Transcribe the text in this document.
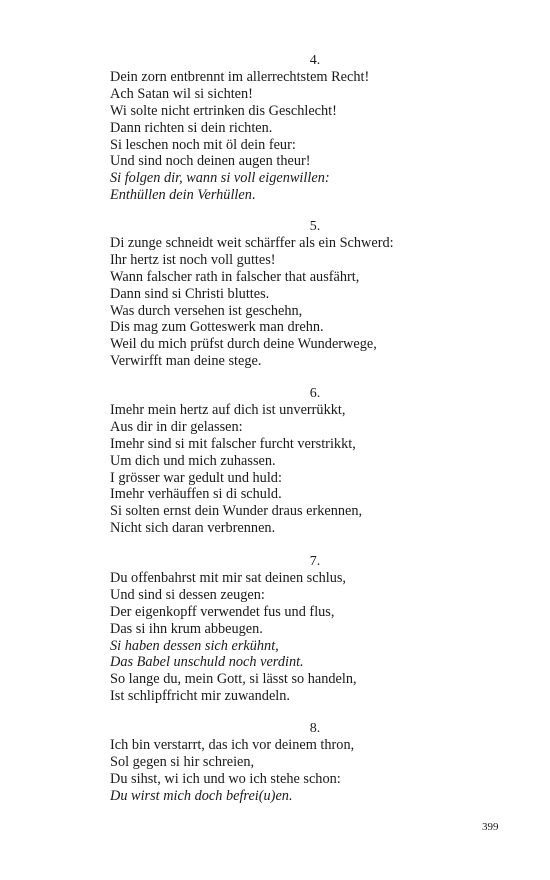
4.
Dein zorn entbrennt im allerrechtstem Recht!
Ach Satan wil si sichten!
Wi solte nicht ertrinken dis Geschlecht!
Dann richten si dein richten.
Si leschen noch mit öl dein feur:
Und sind noch deinen augen theur!
Si folgen dir, wann si voll eigenwillen:
Enthüllen dein Verhüllen.
5.
Di zunge schneidt weit schärffer als ein Schwerd:
Ihr hertz ist noch voll guttes!
Wann falscher rath in falscher that ausfährt,
Dann sind si Christi bluttes.
Was durch versehen ist geschehn,
Dis mag zum Gotteswerk man drehn.
Weil du mich prüfst durch deine Wunderwege,
Verwirfft man deine stege.
6.
Imehr mein hertz auf dich ist unverrükkt,
Aus dir in dir gelassen:
Imehr sind si mit falscher furcht verstrikkt,
Um dich und mich zuhassen.
I grösser war gedult und huld:
Imehr verhäuffen si di schuld.
Si solten ernst dein Wunder draus erkennen,
Nicht sich daran verbrennen.
7.
Du offenbahrst mit mir sat deinen schlus,
Und sind si dessen zeugen:
Der eigenkopff verwendet fus und flus,
Das si ihn krum abbeugen.
Si haben dessen sich erkühnt,
Das Babel unschuld noch verdint.
So lange du, mein Gott, si lässt so handeln,
Ist schlipffricht mir zuwandeln.
8.
Ich bin verstarrt, das ich vor deinem thron,
Sol gegen si hir schreien,
Du sihst, wi ich und wo ich stehe schon:
Du wirst mich doch befrei(u)en.
399
